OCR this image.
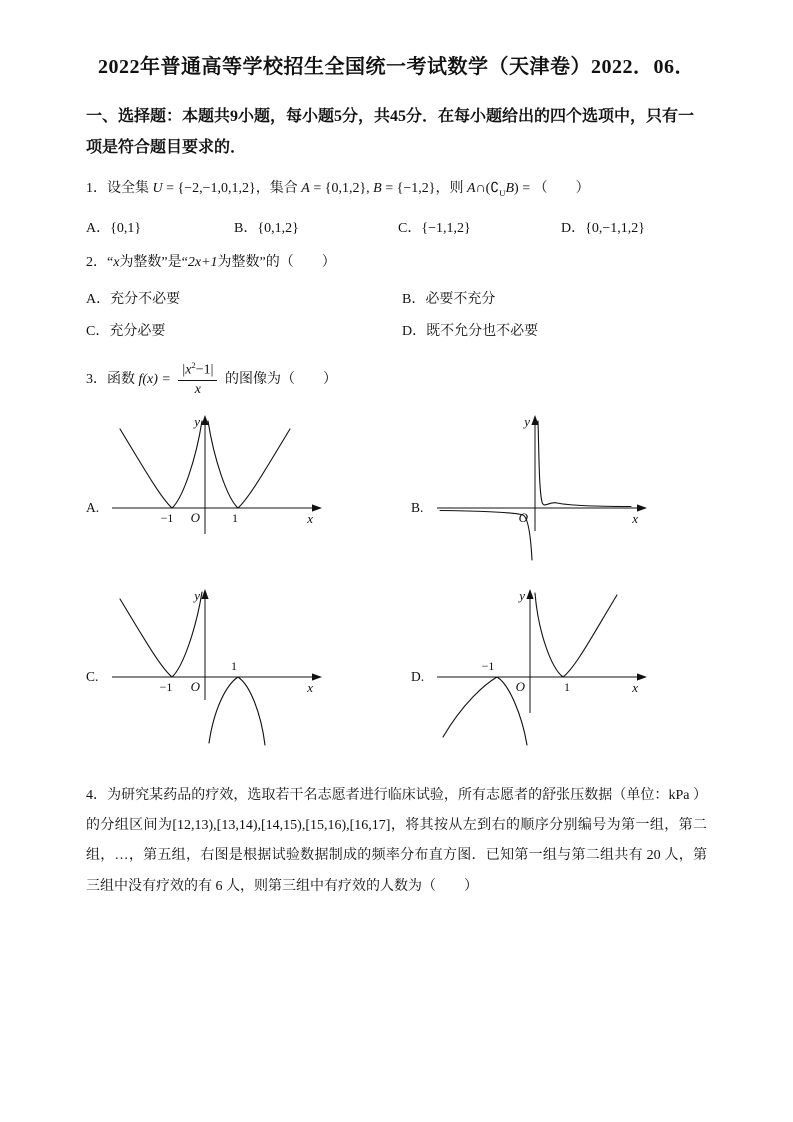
2022年普通高等学校招生全国统一考试数学（天津卷）2022．06．

一、选择题：本题共9小题，每小题5分，共45分．在每小题给出的四个选项中，只有一项是符合题目要求的．

1．设全集 U = {−2,−1,0,1,2}，集合 A = {0,1,2}, B = {−1,2}，则 $A\cap(∁_UB)$ = （　　）

A．{0,1}	B．{0,1,2}	C．{−1,1,2}	D．{0,−1,1,2}

2．“x为整数”是“2x+1为整数”的（　　）

A．充分不必要	B．必要不充分
C．充分必要	D．既不允分也不必要

3．函数 $f(x) = \frac{|x^2-1|}{x}$ 的图像为（　　）

A.
y
x
O
−1	1
B.
y
x
O
C.
y
x
O
−1
1
D.
y
x
O
−1
1

4．为研究某药品的疗效，选取若干名志愿者进行临床试验，所有志愿者的舒张压数据（单位：kPa ）的分组区间为[12,13),[13,14),[14,15),[15,16),[16,17]，将其按从左到右的顺序分别编号为第一组，第二组，…，第五组，右图是根据试验数据制成的频率分布直方图．已知第一组与第二组共有 20 人，第三组中没有疗效的有 6 人，则第三组中有疗效的人数为（　　）
